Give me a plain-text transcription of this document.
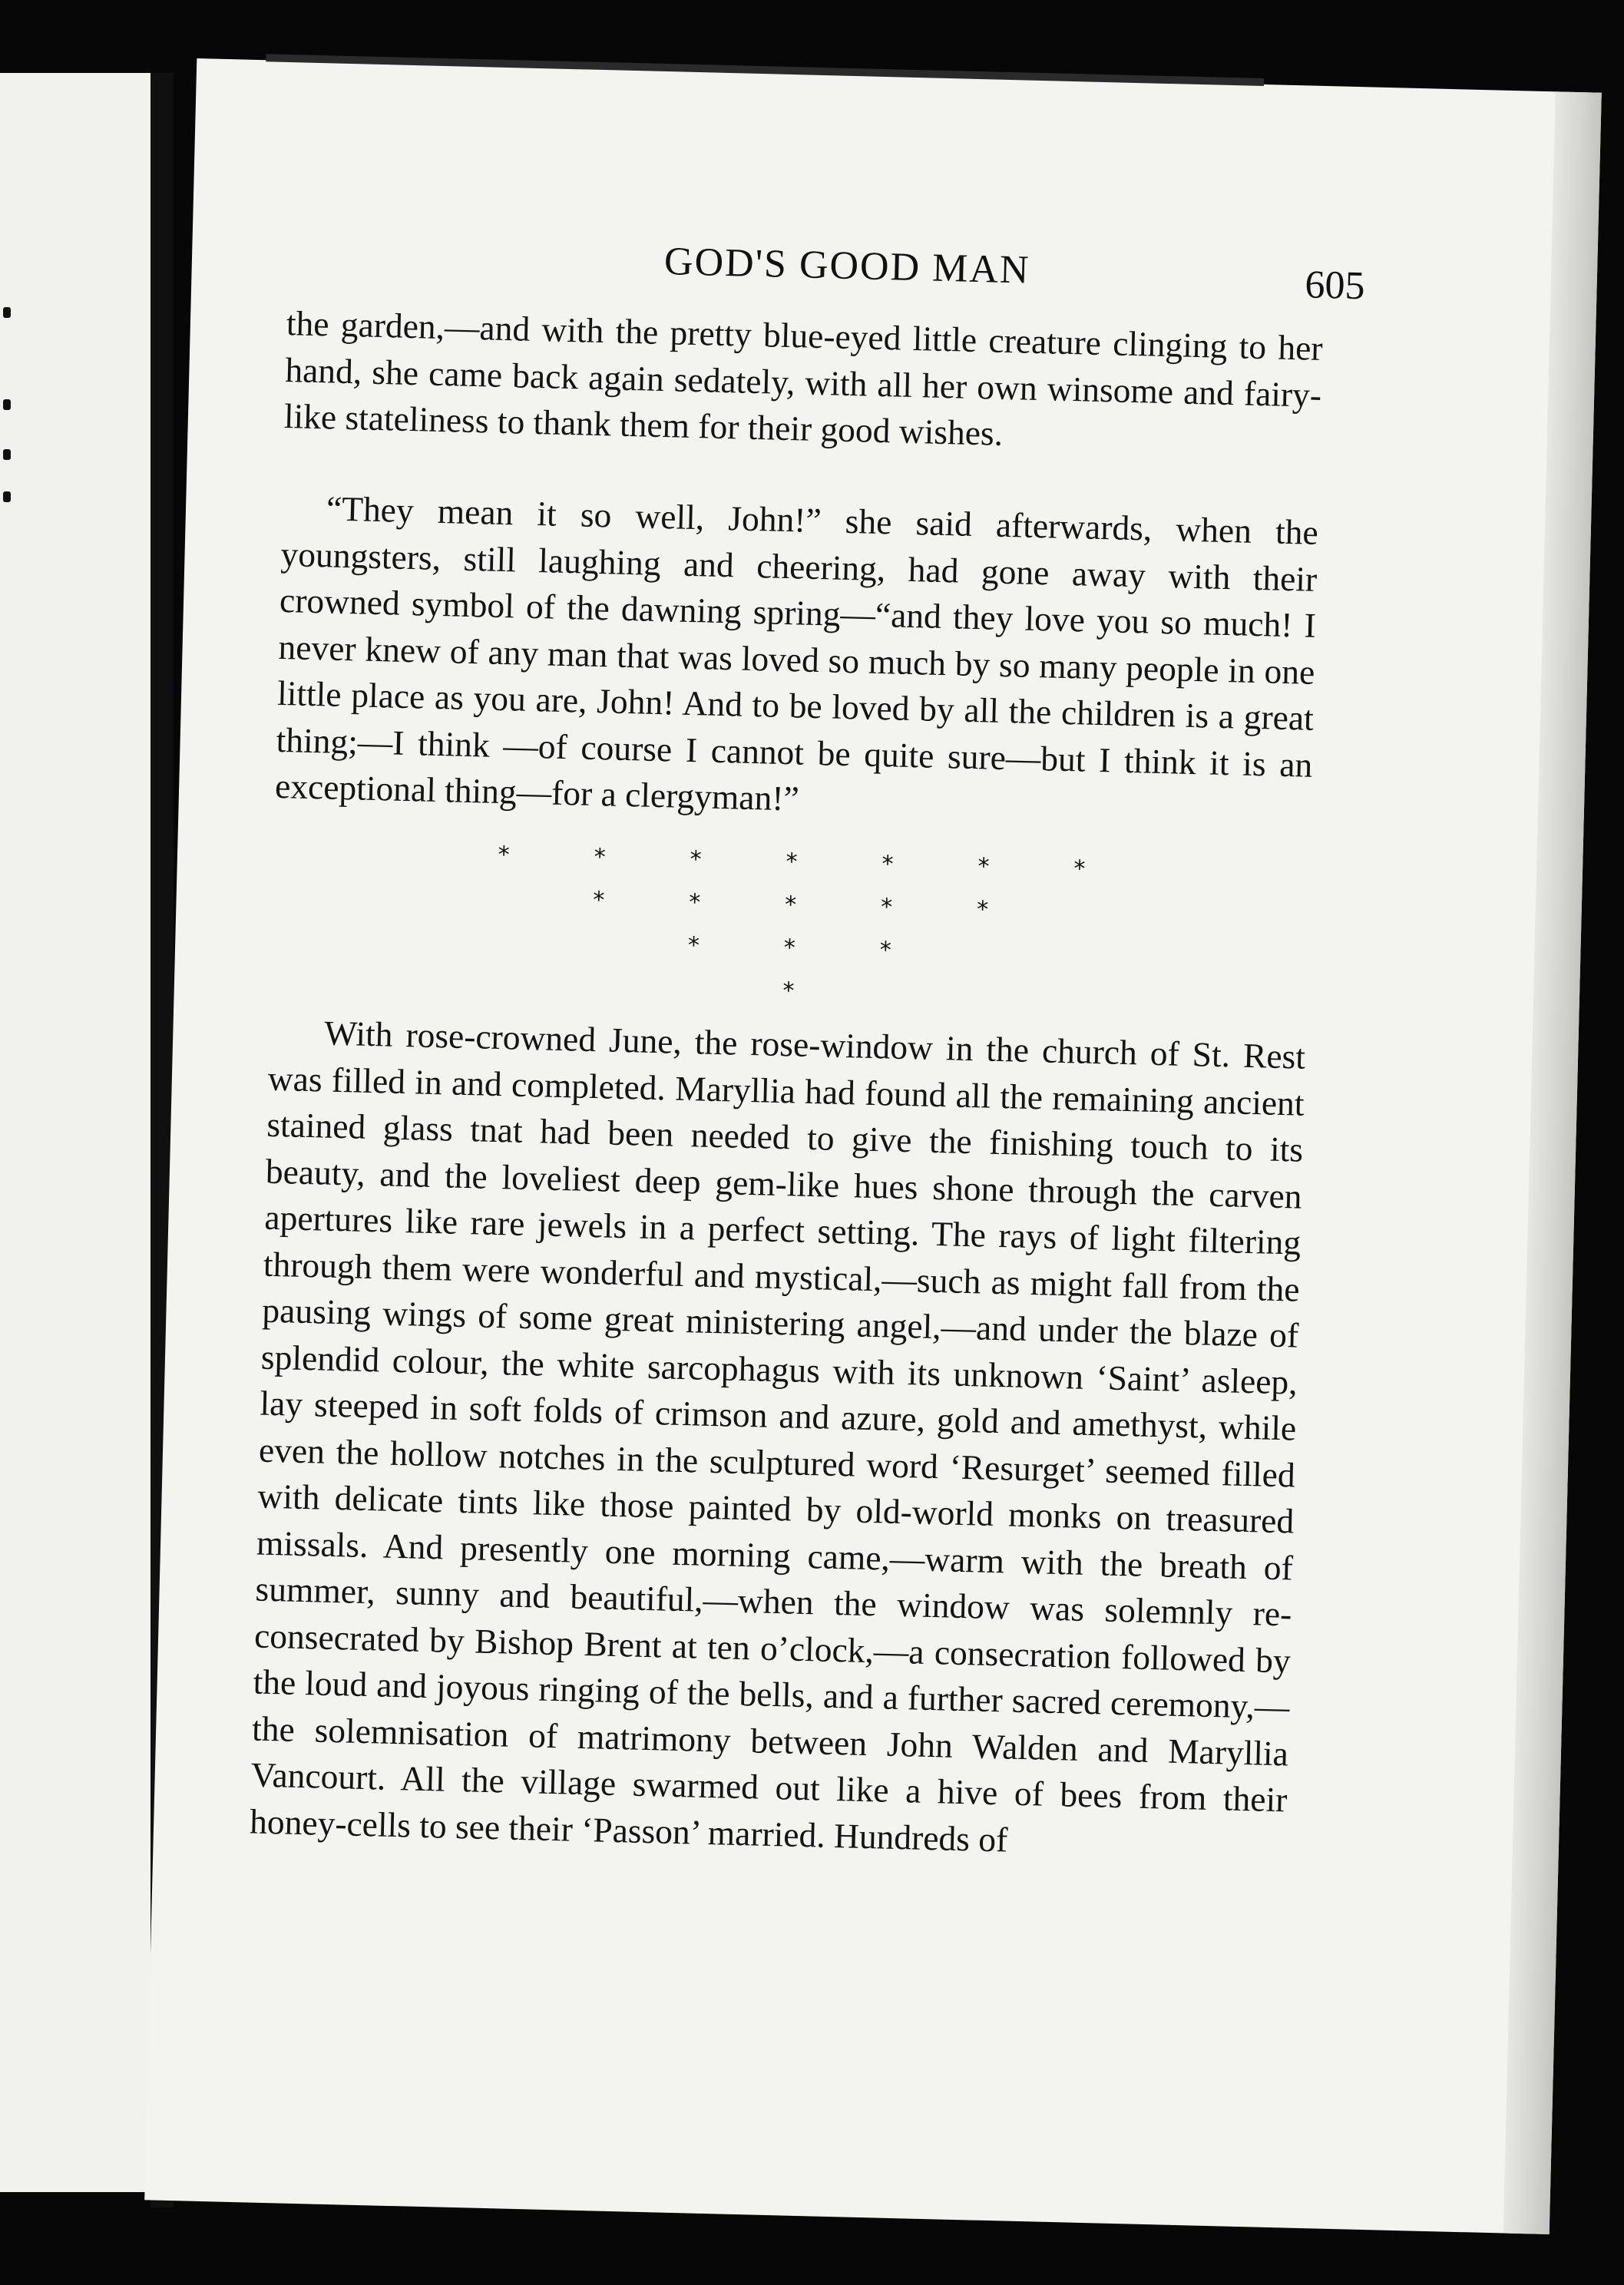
GOD'S GOOD MAN	605

the garden,—and with the pretty blue-eyed little creature clinging to her hand, she came back again sedately, with all her own winsome and fairy-like stateliness to thank them for their good wishes.

“They mean it so well, John!” she said afterwards, when the youngsters, still laughing and cheering, had gone away with their crowned symbol of the dawning spring—“and they love you so much! I never knew of any man that was loved so much by so many people in one little place as you are, John! And to be loved by all the children is a great thing;—I think —of course I cannot be quite sure—but I think it is an exceptional thing—for a clergyman!”

*	*	*	*	*	*	*
*	*	*	*	*
*	*	*
*

With rose-crowned June, the rose-window in the church of St. Rest was filled in and completed. Maryllia had found all the remaining ancient stained glass tnat had been needed to give the finishing touch to its beauty, and the loveliest deep gem-like hues shone through the carven apertures like rare jewels in a perfect setting. The rays of light filtering through them were wonderful and mystical,—such as might fall from the pausing wings of some great ministering angel,—and under the blaze of splendid colour, the white sarcophagus with its unknown ‘Saint’ asleep, lay steeped in soft folds of crimson and azure, gold and amethyst, while even the hollow notches in the sculptured word ‘Resurget’ seemed filled with delicate tints like those painted by old-world monks on treasured missals. And presently one morning came,—warm with the breath of summer, sunny and beautiful,—when the window was solemnly re-consecrated by Bishop Brent at ten o’clock,—a consecration followed by the loud and joyous ringing of the bells, and a further sacred ceremony,—the solemnisation of matrimony between John Walden and Maryllia Vancourt. All the village swarmed out like a hive of bees from their honey-cells to see their ‘Passon’ married. Hundreds of
